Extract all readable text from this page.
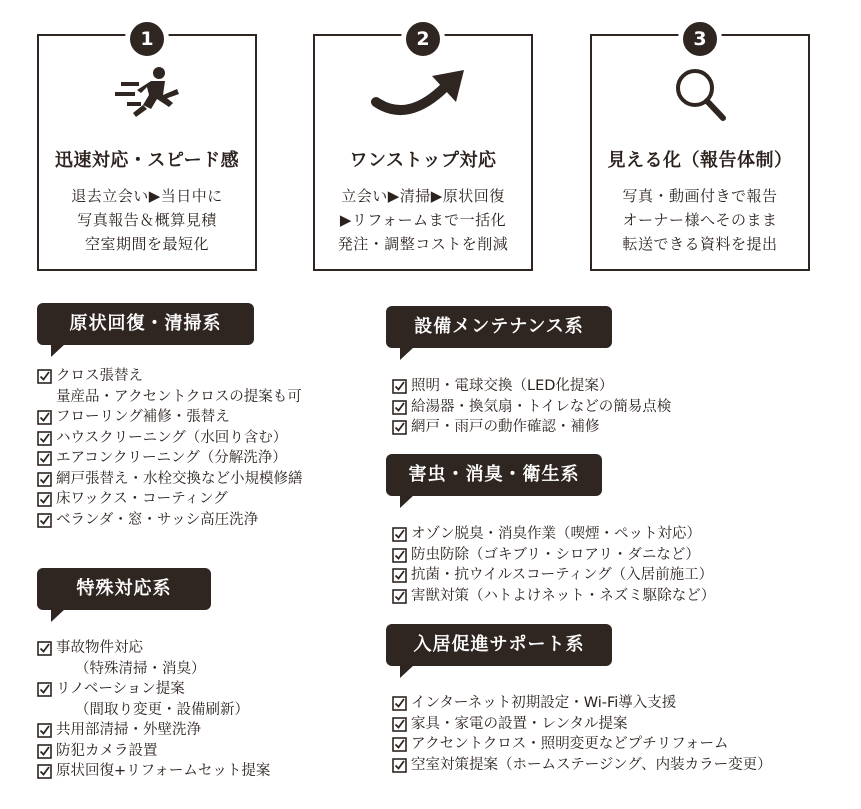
1
迅速対応・スピード感
退去立会い▶当日中に
写真報告＆概算見積
空室期間を最短化
2
ワンストップ対応
立会い▶清掃▶原状回復
▶リフォームまで一括化
発注・調整コストを削減
3
見える化（報告体制）
写真・動画付きで報告
オーナー様へそのまま
転送できる資料を提出
原状回復・清掃系
クロス張替え
量産品・アクセントクロスの提案も可
フローリング補修・張替え
ハウスクリーニング（水回り含む）
エアコンクリーニング（分解洗浄）
網戸張替え・水栓交換など小規模修繕
床ワックス・コーティング
ベランダ・窓・サッシ高圧洗浄
特殊対応系
事故物件対応
（特殊清掃・消臭）
リノベーション提案
（間取り変更・設備刷新）
共用部清掃・外壁洗浄
防犯カメラ設置
原状回復+リフォームセット提案
設備メンテナンス系
照明・電球交換（LED化提案）
給湯器・換気扇・トイレなどの簡易点検
網戸・雨戸の動作確認・補修
害虫・消臭・衛生系
オゾン脱臭・消臭作業（喫煙・ペット対応）
防虫防除（ゴキブリ・シロアリ・ダニなど）
抗菌・抗ウイルスコーティング（入居前施工）
害獣対策（ハトよけネット・ネズミ駆除など）
入居促進サポート系
インターネット初期設定・Wi-Fi導入支援
家具・家電の設置・レンタル提案
アクセントクロス・照明変更などプチリフォーム
空室対策提案（ホームステージング、内装カラー変更）
